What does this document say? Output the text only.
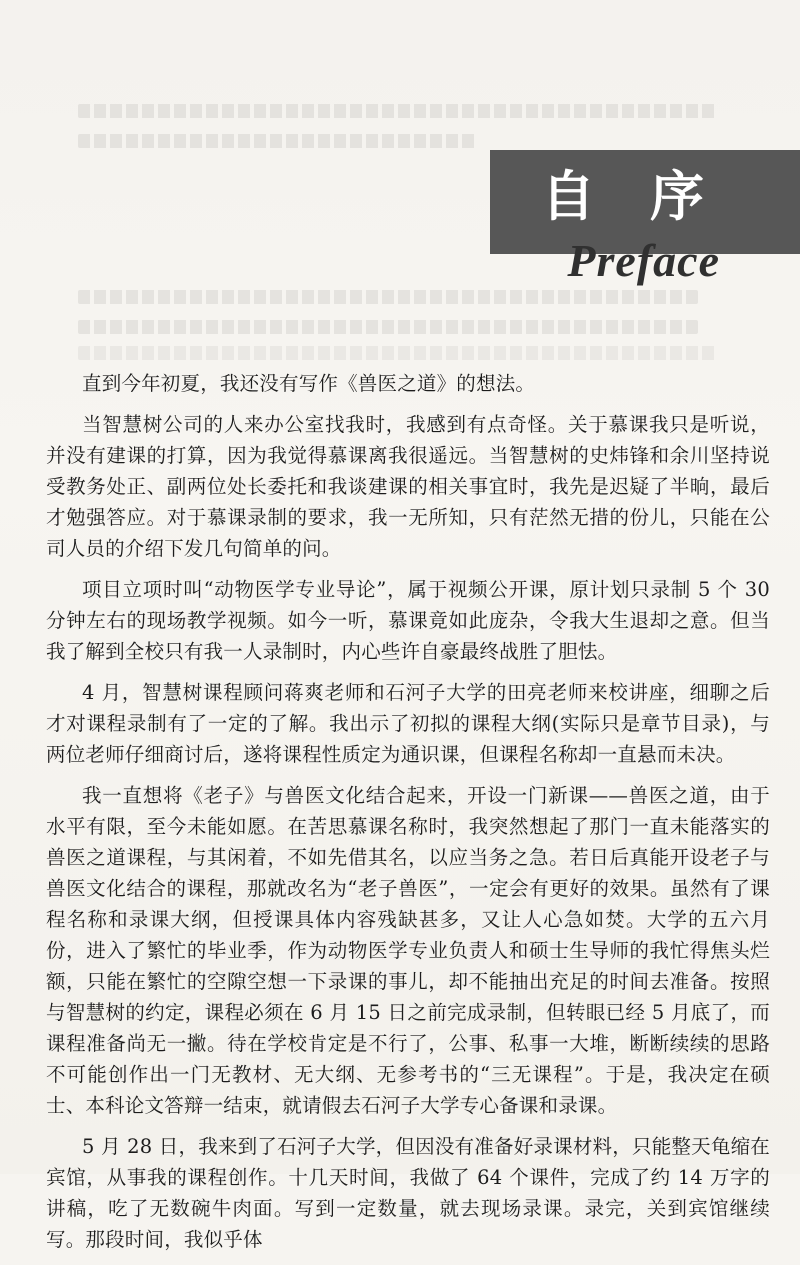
自 序
Preface

直到今年初夏，我还没有写作《兽医之道》的想法。

当智慧树公司的人来办公室找我时，我感到有点奇怪。关于慕课我只是听说，并没有建课的打算，因为我觉得慕课离我很遥远。当智慧树的史炜锋和余川坚持说受教务处正、副两位处长委托和我谈建课的相关事宜时，我先是迟疑了半晌，最后才勉强答应。对于慕课录制的要求，我一无所知，只有茫然无措的份儿，只能在公司人员的介绍下发几句简单的问。

项目立项时叫“动物医学专业导论”，属于视频公开课，原计划只录制 5 个 30 分钟左右的现场教学视频。如今一听，慕课竟如此庞杂，令我大生退却之意。但当我了解到全校只有我一人录制时，内心些许自豪最终战胜了胆怯。

4 月，智慧树课程顾问蒋爽老师和石河子大学的田亮老师来校讲座，细聊之后才对课程录制有了一定的了解。我出示了初拟的课程大纲(实际只是章节目录)，与两位老师仔细商讨后，遂将课程性质定为通识课，但课程名称却一直悬而未决。

我一直想将《老子》与兽医文化结合起来，开设一门新课——兽医之道，由于水平有限，至今未能如愿。在苦思慕课名称时，我突然想起了那门一直未能落实的兽医之道课程，与其闲着，不如先借其名，以应当务之急。若日后真能开设老子与兽医文化结合的课程，那就改名为“老子兽医”，一定会有更好的效果。虽然有了课程名称和录课大纲，但授课具体内容残缺甚多，又让人心急如焚。大学的五六月份，进入了繁忙的毕业季，作为动物医学专业负责人和硕士生导师的我忙得焦头烂额，只能在繁忙的空隙空想一下录课的事儿，却不能抽出充足的时间去准备。按照与智慧树的约定，课程必须在 6 月 15 日之前完成录制，但转眼已经 5 月底了，而课程准备尚无一撇。待在学校肯定是不行了，公事、私事一大堆，断断续续的思路不可能创作出一门无教材、无大纲、无参考书的“三无课程”。于是，我决定在硕士、本科论文答辩一结束，就请假去石河子大学专心备课和录课。

5 月 28 日，我来到了石河子大学，但因没有准备好录课材料，只能整天龟缩在宾馆，从事我的课程创作。十几天时间，我做了 64 个课件，完成了约 14 万字的讲稿，吃了无数碗牛肉面。写到一定数量，就去现场录课。录完，关到宾馆继续写。那段时间，我似乎体
